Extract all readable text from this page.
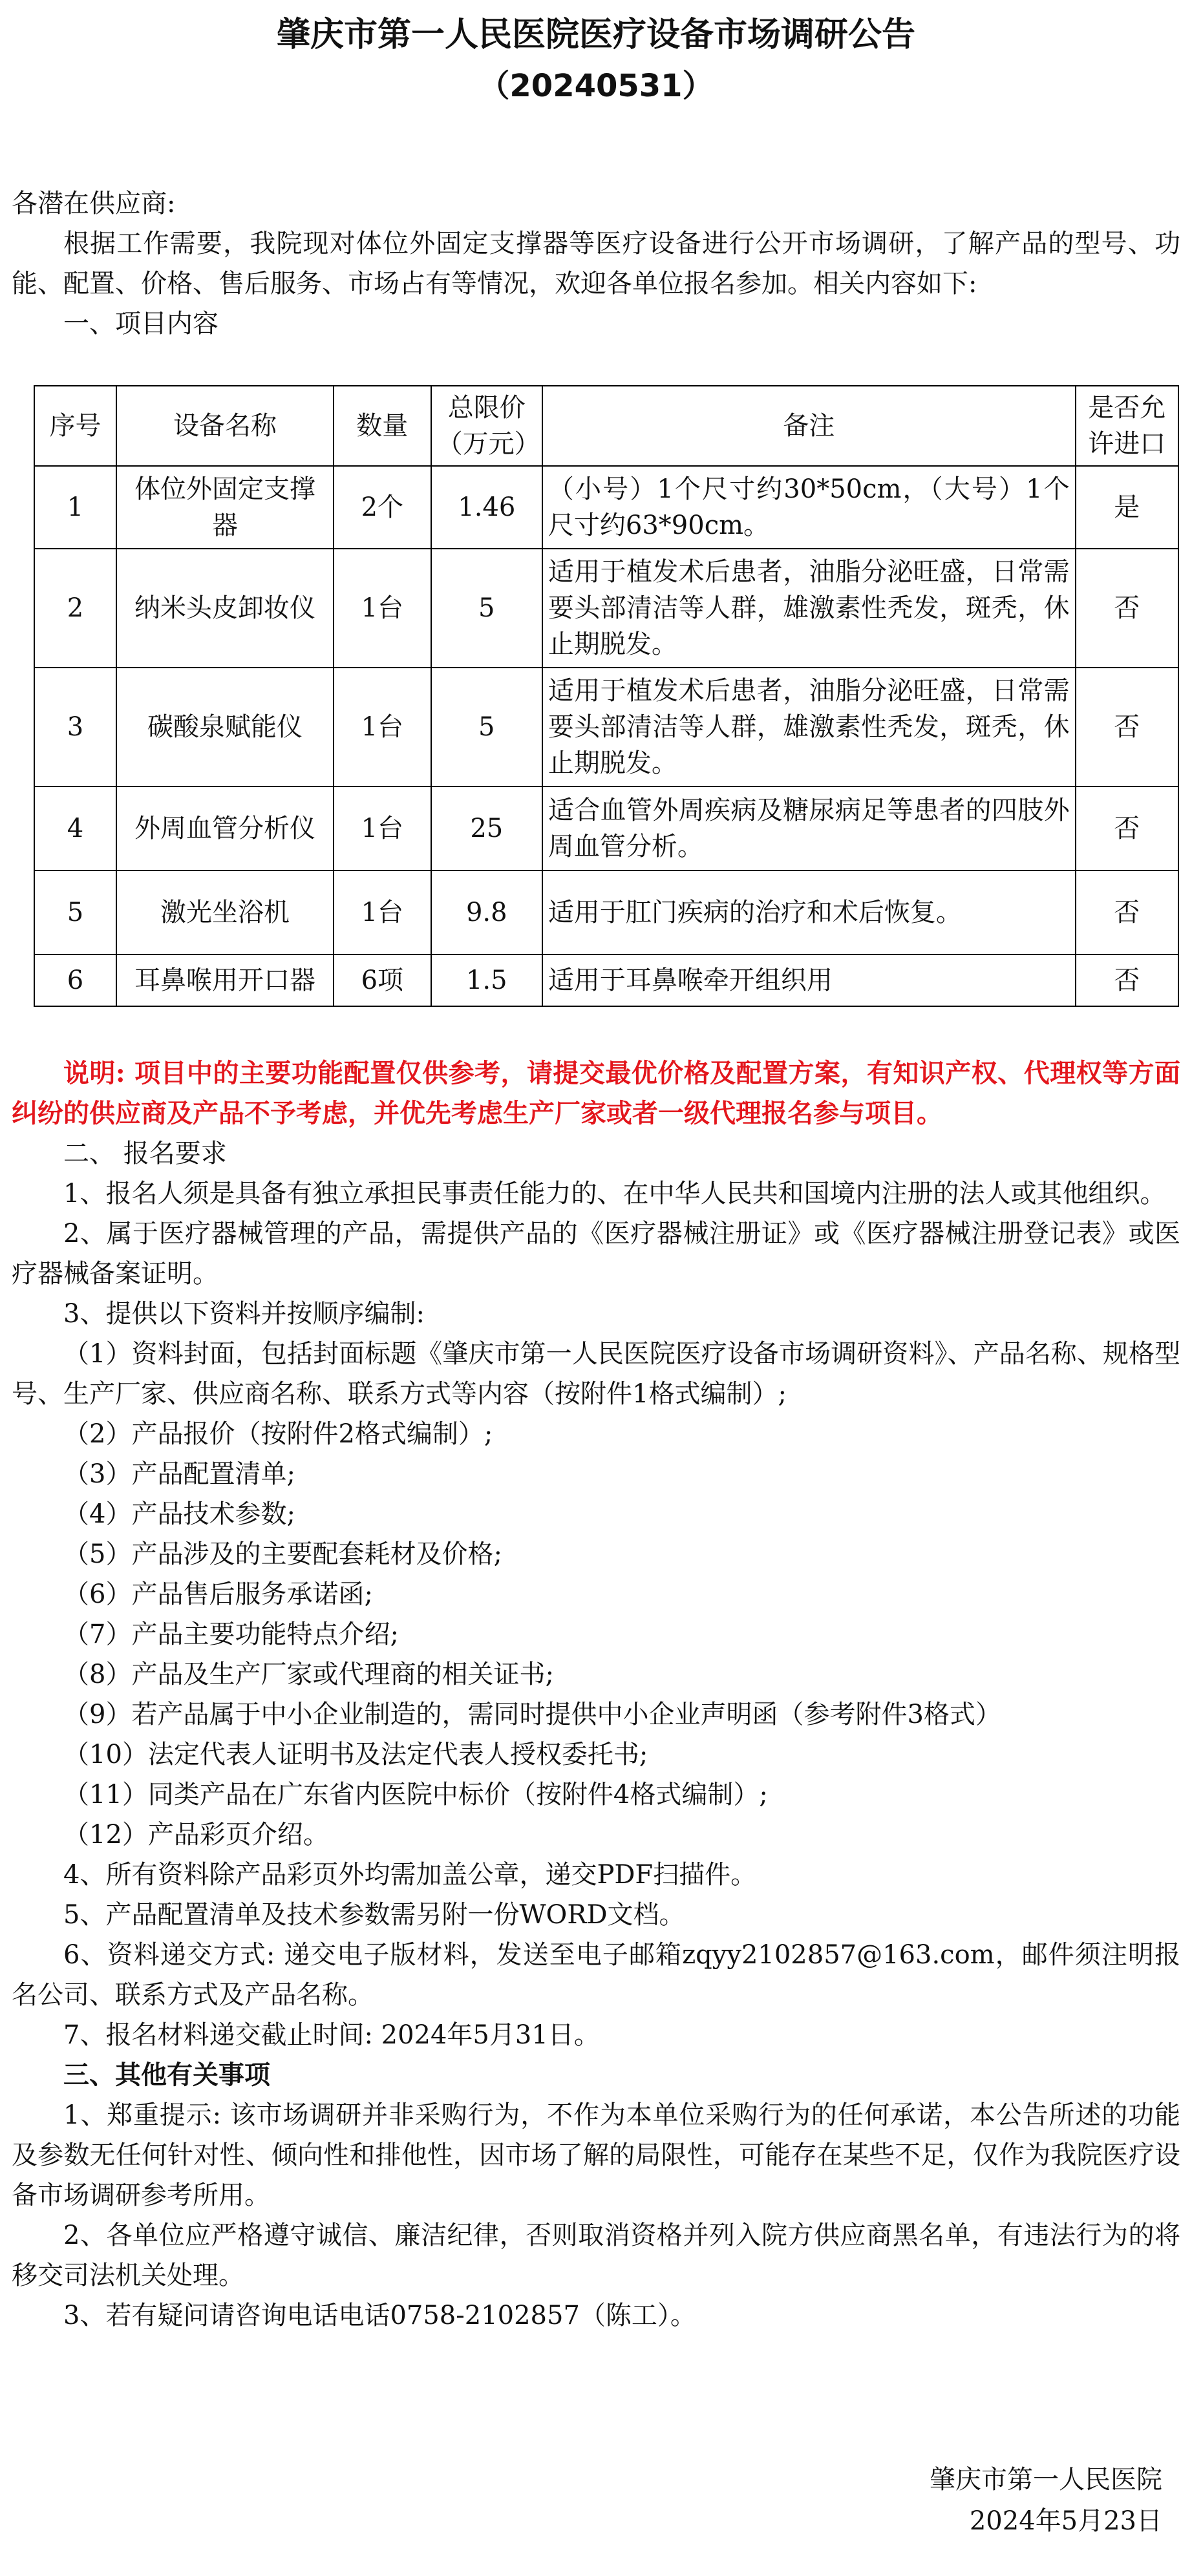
肇庆市第一人民医院医疗设备市场调研公告
（20240531）

各潜在供应商:

根据工作需要，我院现对体位外固定支撑器等医疗设备进行公开市场调研，了解产品的型号、功能、配置、价格、售后服务、市场占有等情况，欢迎各单位报名参加。相关内容如下:

一、项目内容

序号	设备名称	数量	总限价（万元）	备注	是否允许进口
1	体位外固定支撑器	2个	1.46	（小号）1个尺寸约30*50cm，（大号）1个尺寸约63*90cm。	是
2	纳米头皮卸妆仪	1台	5	适用于植发术后患者，油脂分泌旺盛，日常需要头部清洁等人群，雄激素性秃发，斑秃，休止期脱发。	否
3	碳酸泉赋能仪	1台	5	适用于植发术后患者，油脂分泌旺盛，日常需要头部清洁等人群，雄激素性秃发，斑秃，休止期脱发。	否
4	外周血管分析仪	1台	25	适合血管外周疾病及糖尿病足等患者的四肢外周血管分析。	否
5	激光坐浴机	1台	9.8	适用于肛门疾病的治疗和术后恢复。	否
6	耳鼻喉用开口器	6项	1.5	适用于耳鼻喉牵开组织用	否

说明: 项目中的主要功能配置仅供参考，请提交最优价格及配置方案，有知识产权、代理权等方面纠纷的供应商及产品不予考虑，并优先考虑生产厂家或者一级代理报名参与项目。

二、 报名要求

1、报名人须是具备有独立承担民事责任能力的、在中华人民共和国境内注册的法人或其他组织。

2、属于医疗器械管理的产品，需提供产品的《医疗器械注册证》或《医疗器械注册登记表》或医疗器械备案证明。

3、提供以下资料并按顺序编制:

（1）资料封面，包括封面标题《肇庆市第一人民医院医疗设备市场调研资料》、产品名称、规格型号、生产厂家、供应商名称、联系方式等内容（按附件1格式编制）;

（2）产品报价（按附件2格式编制）;

（3）产品配置清单;

（4）产品技术参数;

（5）产品涉及的主要配套耗材及价格;

（6）产品售后服务承诺函;

（7）产品主要功能特点介绍;

（8）产品及生产厂家或代理商的相关证书;

（9）若产品属于中小企业制造的，需同时提供中小企业声明函（参考附件3格式）

（10）法定代表人证明书及法定代表人授权委托书;

（11）同类产品在广东省内医院中标价（按附件4格式编制）;

（12）产品彩页介绍。

4、所有资料除产品彩页外均需加盖公章，递交PDF扫描件。

5、产品配置清单及技术参数需另附一份WORD文档。

6、资料递交方式: 递交电子版材料，发送至电子邮箱zqyy2102857@163.com，邮件须注明报名公司、联系方式及产品名称。

7、报名材料递交截止时间: 2024年5月31日。

三、其他有关事项

1、郑重提示: 该市场调研并非采购行为，不作为本单位采购行为的任何承诺，本公告所述的功能及参数无任何针对性、倾向性和排他性，因市场了解的局限性，可能存在某些不足，仅作为我院医疗设备市场调研参考所用。

2、各单位应严格遵守诚信、廉洁纪律，否则取消资格并列入院方供应商黑名单，有违法行为的将移交司法机关处理。

3、若有疑问请咨询电话电话0758-2102857（陈工）。

肇庆市第一人民医院
2024年5月23日
